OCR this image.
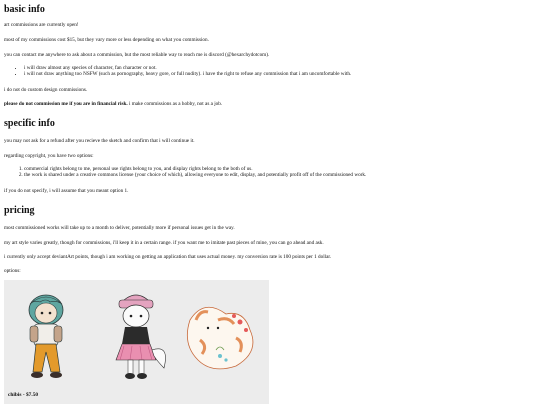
basic info

art commissions are currently open!

most of my commissions cost $15, but they vary more or less depending on what you commission.

you can contact me anywhere to ask about a commission, but the most reliable way to reach me is discord (@hexarchydotcom).

• i will draw almost any species of character, fan character or not.
• i will not draw anything too NSFW (such as pornography, heavy gore, or full nudity). i have the right to refuse any commission that i am uncomfortable with.

i do not do custom design commissions.

please do not commission me if you are in financial risk. i make commissions as a hobby, not as a job.

specific info

you may not ask for a refund after you recieve the sketch and confirm that i will continue it.

regarding copyright, you have two options:

1. commercial rights belong to me, personal use rights belong to you, and display rights belong to the both of us.
2. the work is shared under a creative commons license (your choice of which), allowing everyone to edit, display, and potentially profit off of the commissioned work.

if you do not specify, i will assume that you meant option 1.

pricing

most commissioned works will take up to a month to deliver, potentially more if personal issues get in the way.

my art style varies greatly, though for commissions, i'll keep it in a certain range. if you want me to imitate past pieces of mine, you can go ahead and ask.

i currently only accept deviantArt points, though i am working on getting an application that uses actual money. my conversion rate is 100 points per 1 dollar.

options:

chibis - $7.50
